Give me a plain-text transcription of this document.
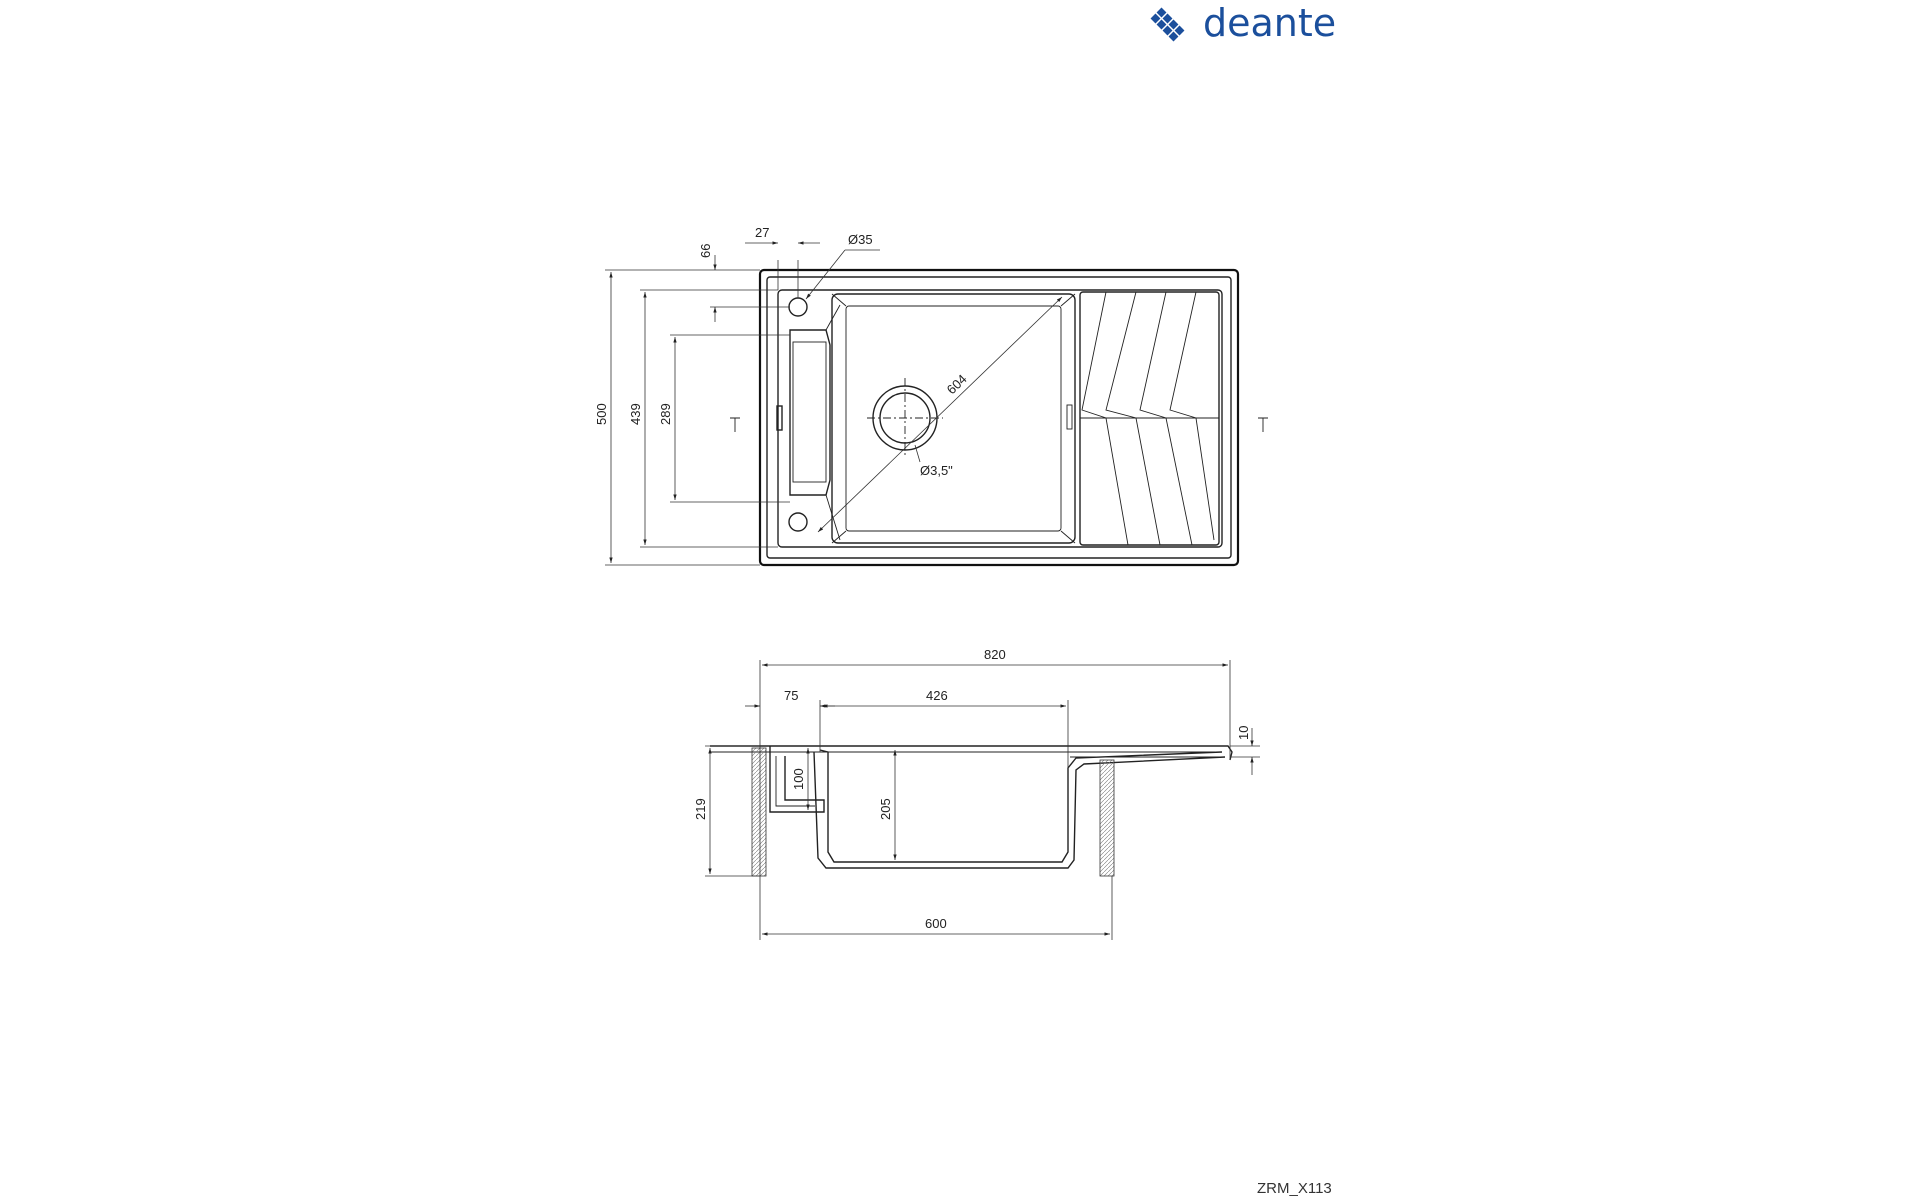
deante
604
Ø3,5"
500 439 289
66
27	Ø35
820
75	426
10
219
100
205
600
ZRM_X113
